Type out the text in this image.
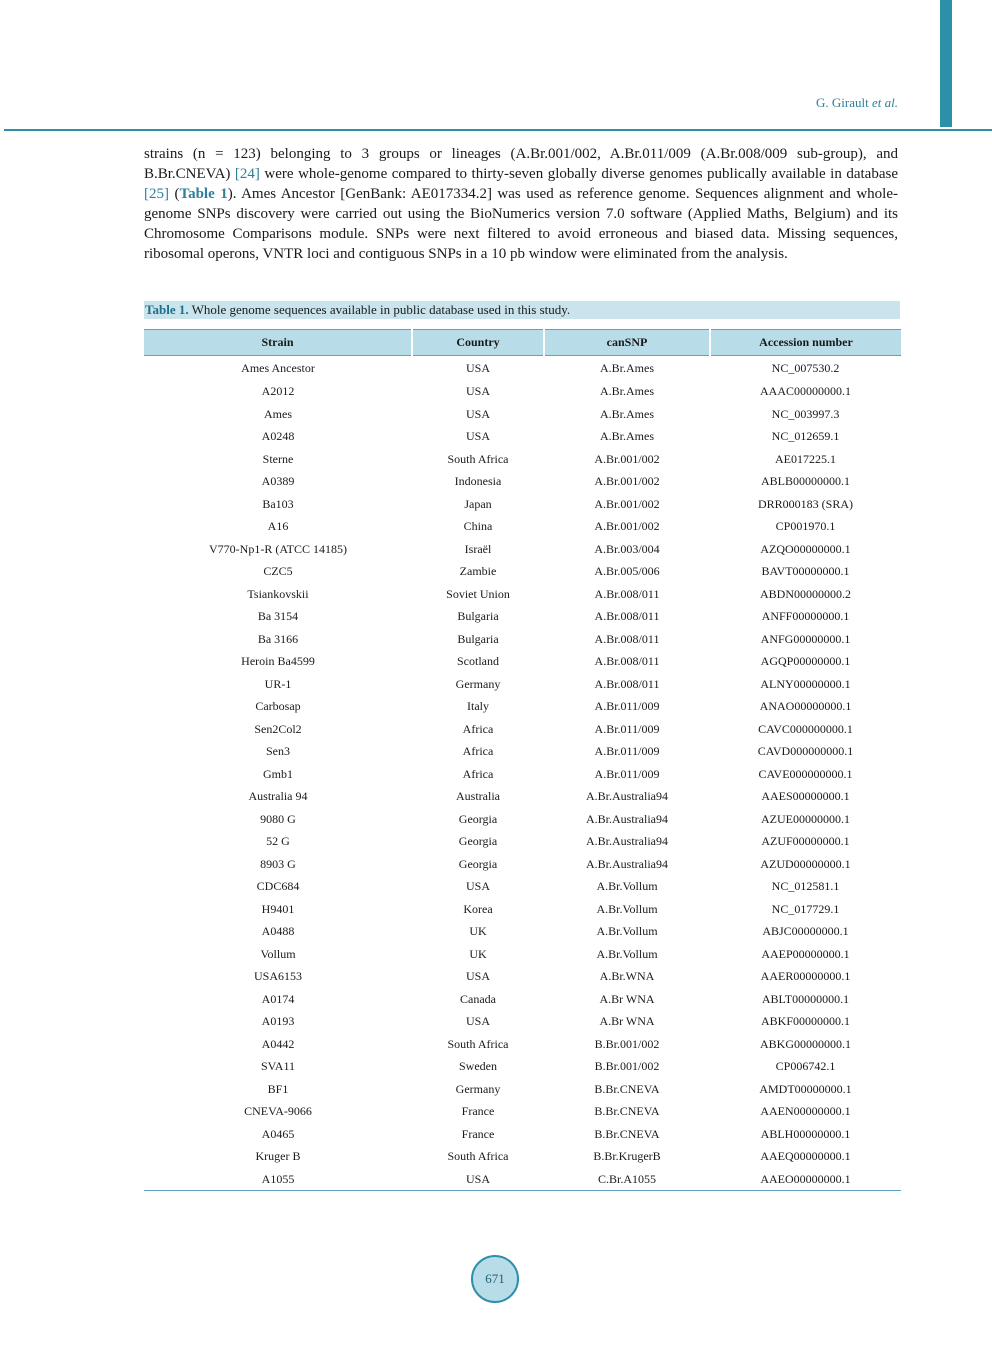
G. Girault et al.

strains (n = 123) belonging to 3 groups or lineages (A.Br.001/002, A.Br.011/009 (A.Br.008/009 sub-group), and B.Br.CNEVA) [24] were whole-genome compared to thirty-seven globally diverse genomes publically available in database [25] (Table 1). Ames Ancestor [GenBank: AE017334.2] was used as reference genome. Sequences alignment and whole-genome SNPs discovery were carried out using the BioNumerics version 7.0 software (Applied Maths, Belgium) and its Chromosome Comparisons module. SNPs were next filtered to avoid erroneous and biased data. Missing sequences, ribosomal operons, VNTR loci and contiguous SNPs in a 10 pb window were eliminated from the analysis.

Table 1. Whole genome sequences available in public database used in this study.
Strain	Country	canSNP	Accession number
Ames Ancestor	USA	A.Br.Ames	NC_007530.2
A2012	USA	A.Br.Ames	AAAC00000000.1
Ames	USA	A.Br.Ames	NC_003997.3
A0248	USA	A.Br.Ames	NC_012659.1
Sterne	South Africa	A.Br.001/002	AE017225.1
A0389	Indonesia	A.Br.001/002	ABLB00000000.1
Ba103	Japan	A.Br.001/002	DRR000183 (SRA)
A16	China	A.Br.001/002	CP001970.1
V770-Np1-R (ATCC 14185)	Israël	A.Br.003/004	AZQO00000000.1
CZC5	Zambie	A.Br.005/006	BAVT00000000.1
Tsiankovskii	Soviet Union	A.Br.008/011	ABDN00000000.2
Ba 3154	Bulgaria	A.Br.008/011	ANFF00000000.1
Ba 3166	Bulgaria	A.Br.008/011	ANFG00000000.1
Heroin Ba4599	Scotland	A.Br.008/011	AGQP00000000.1
UR-1	Germany	A.Br.008/011	ALNY00000000.1
Carbosap	Italy	A.Br.011/009	ANAO00000000.1
Sen2Col2	Africa	A.Br.011/009	CAVC000000000.1
Sen3	Africa	A.Br.011/009	CAVD000000000.1
Gmb1	Africa	A.Br.011/009	CAVE000000000.1
Australia 94	Australia	A.Br.Australia94	AAES00000000.1
9080 G	Georgia	A.Br.Australia94	AZUE00000000.1
52 G	Georgia	A.Br.Australia94	AZUF00000000.1
8903 G	Georgia	A.Br.Australia94	AZUD00000000.1
CDC684	USA	A.Br.Vollum	NC_012581.1
H9401	Korea	A.Br.Vollum	NC_017729.1
A0488	UK	A.Br.Vollum	ABJC00000000.1
Vollum	UK	A.Br.Vollum	AAEP00000000.1
USA6153	USA	A.Br.WNA	AAER00000000.1
A0174	Canada	A.Br WNA	ABLT00000000.1
A0193	USA	A.Br WNA	ABKF00000000.1
A0442	South Africa	B.Br.001/002	ABKG00000000.1
SVA11	Sweden	B.Br.001/002	CP006742.1
BF1	Germany	B.Br.CNEVA	AMDT00000000.1
CNEVA-9066	France	B.Br.CNEVA	AAEN00000000.1
A0465	France	B.Br.CNEVA	ABLH00000000.1
Kruger B	South Africa	B.Br.KrugerB	AAEQ00000000.1
A1055	USA	C.Br.A1055	AAEO00000000.1
671
